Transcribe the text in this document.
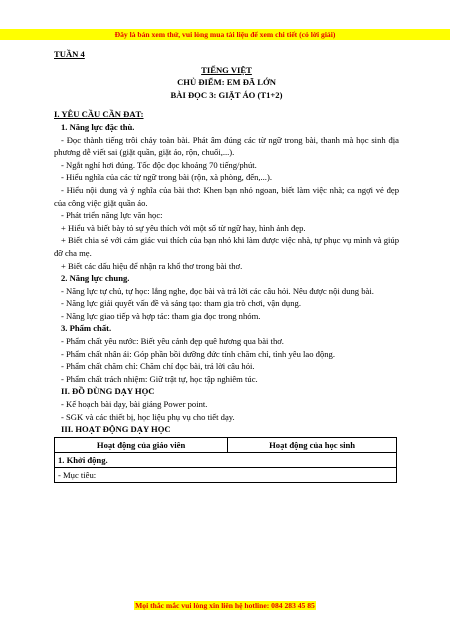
Đây là bản xem thử, vui lòng mua tài liệu để xem chi tiết (có lời giải)
TUẦN 4
TIẾNG VIỆT
CHỦ ĐIỂM: EM ĐÃ LỚN
BÀI ĐỌC 3: GIẶT ÁO (T1+2)
I. YÊU CẦU CẦN ĐẠT:
1. Năng lực đặc thù.
- Đọc thành tiếng trôi chảy toàn bài. Phát âm đúng các từ ngữ trong bài, thanh mà học sinh địa phương dễ viết sai (giặt quần, giặt áo, rộn, chuối,...).
- Ngắt nghỉ hơi đúng. Tốc độc đọc khoảng 70 tiếng/phút.
- Hiểu nghĩa của các từ ngữ trong bài (rộn, xà phòng, đến,...).
- Hiểu nội dung và ý nghĩa của bài thơ: Khen bạn nhỏ ngoan, biết làm việc nhà; ca ngợi vẻ đẹp của công việc giặt quần áo.
- Phát triển năng lực văn học:
+ Hiểu và biết bày tỏ sự yêu thích với một số từ ngữ hay, hình ảnh đẹp.
+ Biết chia sẻ với cảm giác vui thích của bạn nhỏ khi làm được việc nhà, tự phục vụ mình và giúp đỡ cha mẹ.
+ Biết các dấu hiệu để nhận ra khổ thơ trong bài thơ.
2. Năng lực chung.
- Năng lực tự chủ, tự học: lắng nghe, đọc bài và trả lời các câu hỏi. Nêu được nội dung bài.
- Năng lực giải quyết vấn đề và sáng tạo: tham gia trò chơi, vận dụng.
- Năng lực giao tiếp và hợp tác: tham gia đọc trong nhóm.
3. Phẩm chất.
- Phẩm chất yêu nước: Biết yêu cảnh đẹp quê hương qua bài thơ.
- Phẩm chất nhân ái: Góp phần bồi dưỡng đức tính chăm chỉ, tình yêu lao động.
- Phẩm chất chăm chỉ: Chăm chỉ đọc bài, trả lời câu hỏi.
- Phẩm chất trách nhiệm: Giữ trật tự, học tập nghiêm túc.
II. ĐỒ DÙNG DẠY HỌC
- Kế hoạch bài dạy, bài giảng Power point.
- SGK và các thiết bị, học liệu phụ vụ cho tiết dạy.
III. HOẠT ĐỘNG DẠY HỌC
Hoạt động của giáo viên	Hoạt động của học sinh
1. Khởi động.
- Mục tiêu:
Mọi thắc mắc vui lòng xin liên hệ hotline: 084 283 45 85
